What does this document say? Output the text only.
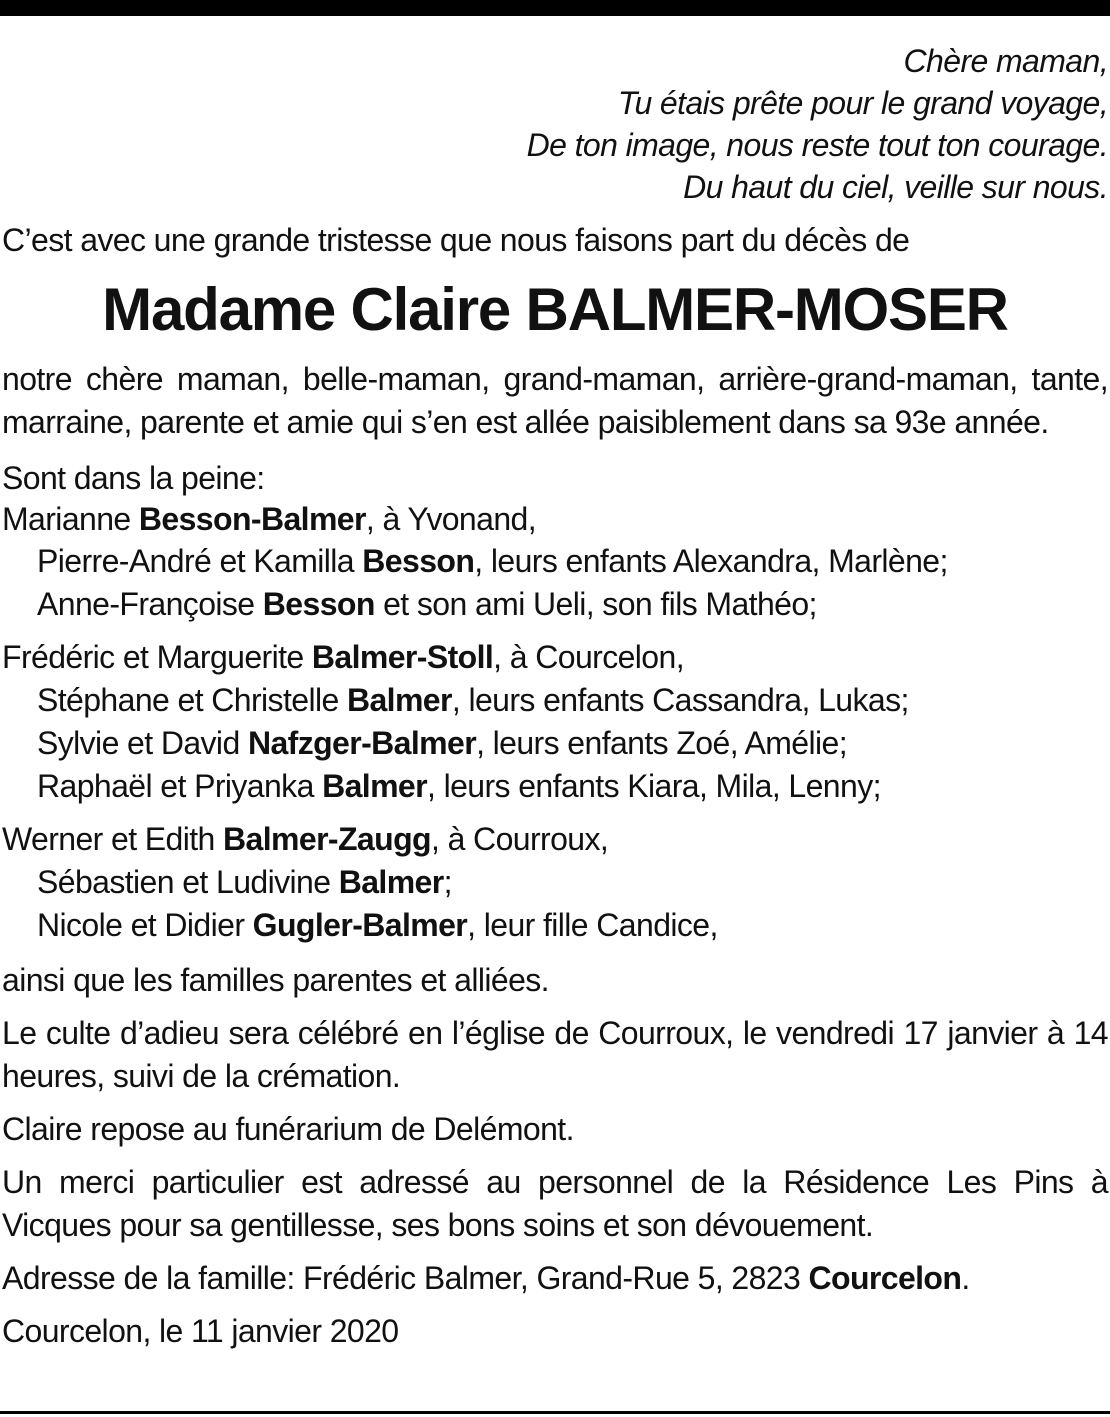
Chère maman,
Tu étais prête pour le grand voyage,
De ton image, nous reste tout ton courage.
Du haut du ciel, veille sur nous.

C’est avec une grande tristesse que nous faisons part du décès de

Madame Claire BALMER-MOSER

notre chère maman, belle-maman, grand-maman, arrière-grand-maman, tante, marraine, parente et amie qui s’en est allée paisiblement dans sa 93e année.

Sont dans la peine:
Marianne Besson-Balmer, à Yvonand,
Pierre-André et Kamilla Besson, leurs enfants Alexandra, Marlène;
Anne-Françoise Besson et son ami Ueli, son fils Mathéo;
Frédéric et Marguerite Balmer-Stoll, à Courcelon,
Stéphane et Christelle Balmer, leurs enfants Cassandra, Lukas;
Sylvie et David Nafzger-Balmer, leurs enfants Zoé, Amélie;
Raphaël et Priyanka Balmer, leurs enfants Kiara, Mila, Lenny;
Werner et Edith Balmer-Zaugg, à Courroux,
Sébastien et Ludivine Balmer;
Nicole et Didier Gugler-Balmer, leur fille Candice,

ainsi que les familles parentes et alliées.

Le culte d’adieu sera célébré en l’église de Courroux, le vendredi 17 janvier à 14 heures, suivi de la crémation.

Claire repose au funérarium de Delémont.

Un merci particulier est adressé au personnel de la Résidence Les Pins à Vicques pour sa gentillesse, ses bons soins et son dévouement.

Adresse de la famille: Frédéric Balmer, Grand-Rue 5, 2823 Courcelon.

Courcelon, le 11 janvier 2020
